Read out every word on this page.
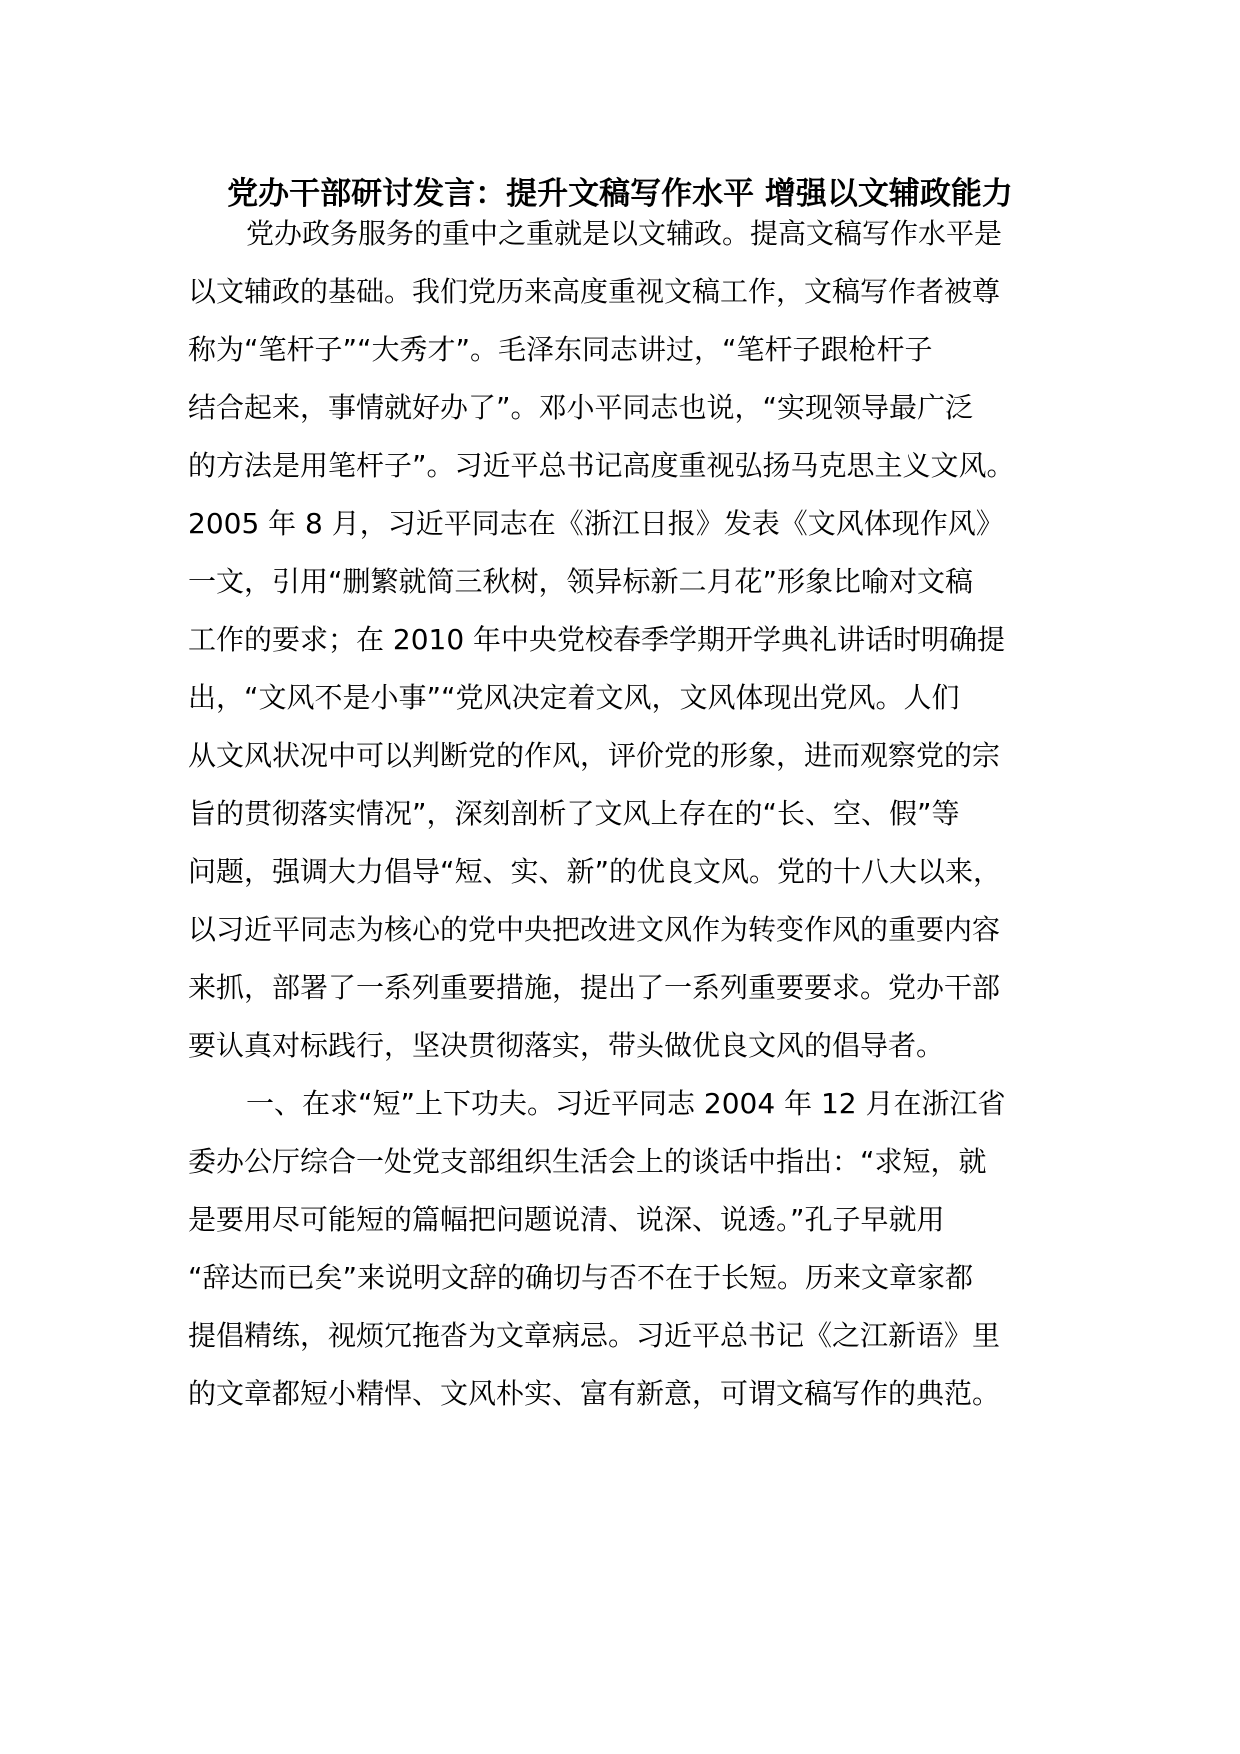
党办干部研讨发言：提升文稿写作水平 增强以文辅政能力
党办政务服务的重中之重就是以文辅政。提高文稿写作水平是
以文辅政的基础。我们党历来高度重视文稿工作，文稿写作者被尊
称为“笔杆子”“大秀才”。毛泽东同志讲过，“笔杆子跟枪杆子
结合起来，事情就好办了”。邓小平同志也说，“实现领导最广泛
的方法是用笔杆子”。习近平总书记高度重视弘扬马克思主义文风。
2005 年 8 月，习近平同志在《浙江日报》发表《文风体现作风》
一文，引用“删繁就简三秋树，领异标新二月花”形象比喻对文稿
工作的要求；在 2010 年中央党校春季学期开学典礼讲话时明确提
出，“文风不是小事”“党风决定着文风，文风体现出党风。人们
从文风状况中可以判断党的作风，评价党的形象，进而观察党的宗
旨的贯彻落实情况”，深刻剖析了文风上存在的“长、空、假”等
问题，强调大力倡导“短、实、新”的优良文风。党的十八大以来，
以习近平同志为核心的党中央把改进文风作为转变作风的重要内容
来抓，部署了一系列重要措施，提出了一系列重要要求。党办干部
要认真对标践行，坚决贯彻落实，带头做优良文风的倡导者。
一、在求“短”上下功夫。习近平同志 2004 年 12 月在浙江省
委办公厅综合一处党支部组织生活会上的谈话中指出：“求短，就
是要用尽可能短的篇幅把问题说清、说深、说透。”孔子早就用
“辞达而已矣”来说明文辞的确切与否不在于长短。历来文章家都
提倡精练，视烦冗拖沓为文章病忌。习近平总书记《之江新语》里
的文章都短小精悍、文风朴实、富有新意，可谓文稿写作的典范。
